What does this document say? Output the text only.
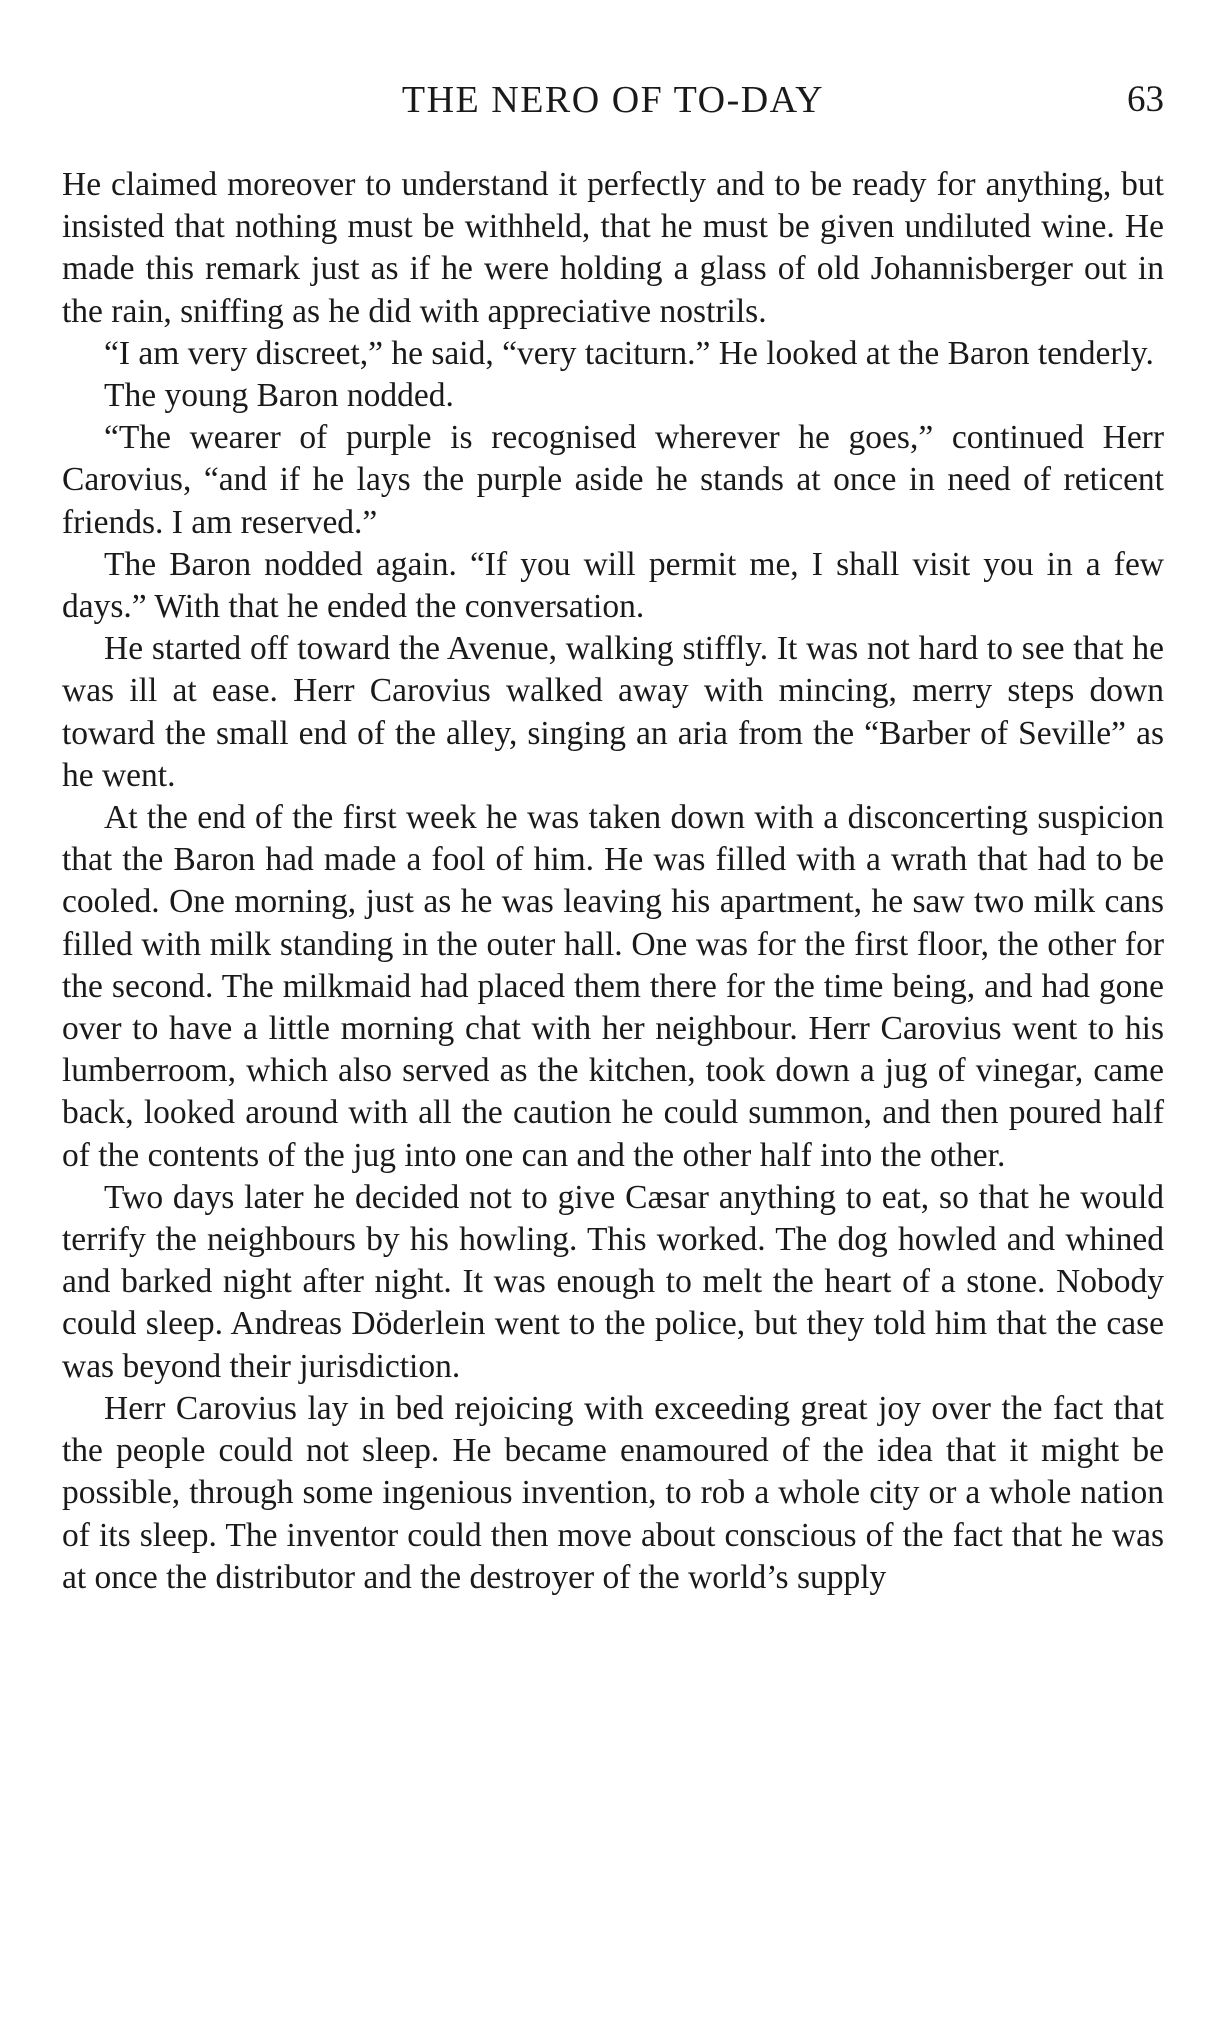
THE NERO OF TO-DAY	63

He claimed moreover to understand it perfectly and to be ready for anything, but insisted that nothing must be withheld, that he must be given undiluted wine. He made this remark just as if he were holding a glass of old Johannisberger out in the rain, sniffing as he did with appreciative nostrils.

“I am very discreet,” he said, “very taciturn.” He looked at the Baron tenderly.

The young Baron nodded.

“The wearer of purple is recognised wherever he goes,” continued Herr Carovius, “and if he lays the purple aside he stands at once in need of reticent friends. I am reserved.”

The Baron nodded again. “If you will permit me, I shall visit you in a few days.” With that he ended the conversation.

He started off toward the Avenue, walking stiffly. It was not hard to see that he was ill at ease. Herr Carovius walked away with mincing, merry steps down toward the small end of the alley, singing an aria from the “Barber of Seville” as he went.

At the end of the first week he was taken down with a disconcerting suspicion that the Baron had made a fool of him. He was filled with a wrath that had to be cooled. One morning, just as he was leaving his apartment, he saw two milk cans filled with milk standing in the outer hall. One was for the first floor, the other for the second. The milkmaid had placed them there for the time being, and had gone over to have a little morning chat with her neighbour. Herr Carovius went to his lumberroom, which also served as the kitchen, took down a jug of vinegar, came back, looked around with all the caution he could summon, and then poured half of the contents of the jug into one can and the other half into the other.

Two days later he decided not to give Cæsar anything to eat, so that he would terrify the neighbours by his howling. This worked. The dog howled and whined and barked night after night. It was enough to melt the heart of a stone. Nobody could sleep. Andreas Döderlein went to the police, but they told him that the case was beyond their jurisdiction.

Herr Carovius lay in bed rejoicing with exceeding great joy over the fact that the people could not sleep. He became enamoured of the idea that it might be possible, through some ingenious invention, to rob a whole city or a whole nation of its sleep. The inventor could then move about conscious of the fact that he was at once the distributor and the destroyer of the world’s supply
